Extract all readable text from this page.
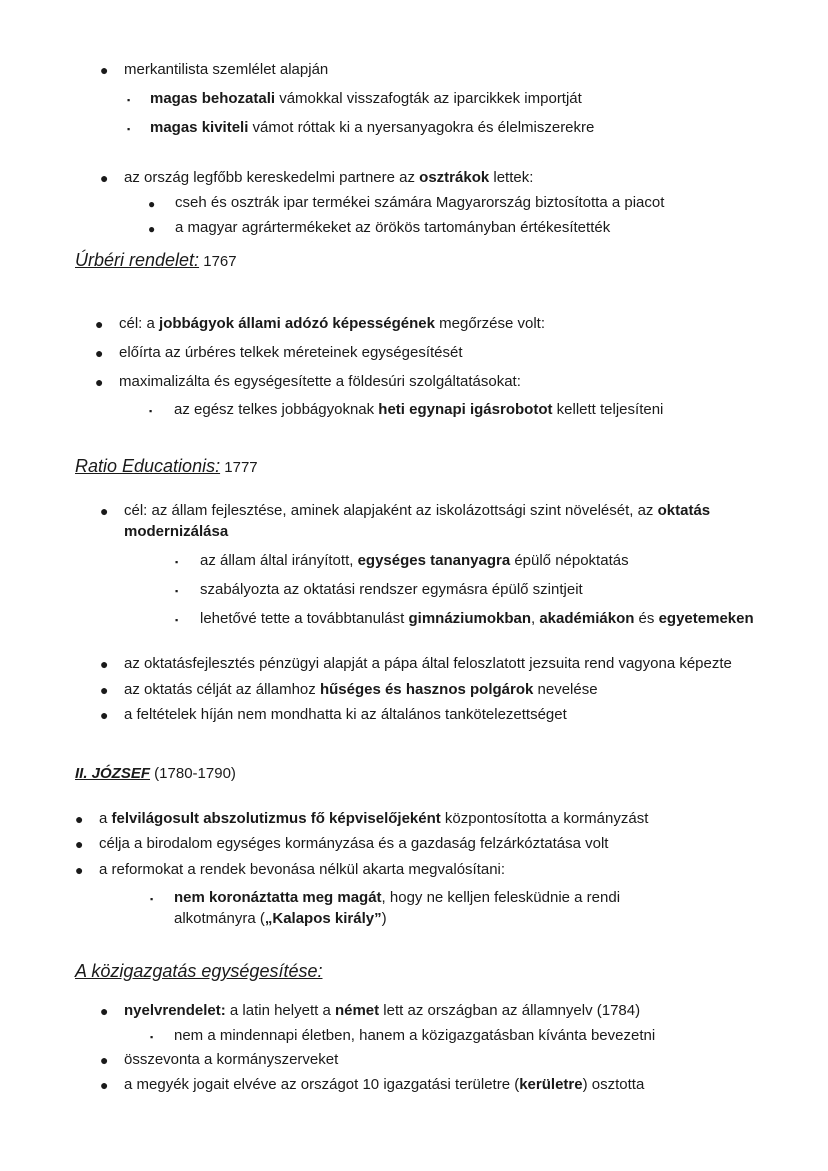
● merkantilista szemlélet alapján
▪ magas behozatali vámokkal visszafogták az iparcikkek importját
▪ magas kiviteli vámot róttak ki a nyersanyagokra és élelmiszerekre
● az ország legfőbb kereskedelmi partnere az osztrákok lettek:
● cseh és osztrák ipar termékei számára Magyarország biztosította a piacot
● a magyar agrártermékeket az örökös tartományban értékesítették
Úrbéri rendelet: 1767
● cél: a jobbágyok állami adózó képességének megőrzése volt:
● előírta az úrbéres telkek méreteinek egységesítését
● maximalizálta és egységesítette a földesúri szolgáltatásokat:
▪ az egész telkes jobbágyoknak heti egynapi igásrobotot kellett teljesíteni
Ratio Educationis: 1777
● cél: az állam fejlesztése, aminek alapjaként az iskolázottsági szint növelését, az oktatás
modernizálása
▪ az állam által irányított, egységes tananyagra épülő népoktatás
▪ szabályozta az oktatási rendszer egymásra épülő szintjeit
▪ lehetővé tette a továbbtanulást gimnáziumokban, akadémiákon és egyetemeken
● az oktatásfejlesztés pénzügyi alapját a pápa által feloszlatott jezsuita rend vagyona képezte
● az oktatás célját az államhoz hűséges és hasznos polgárok nevelése
● a feltételek híján nem mondhatta ki az általános tankötelezettséget
II. JÓZSEF (1780-1790)
● a felvilágosult abszolutizmus fő képviselőjeként központosította a kormányzást
● célja a birodalom egységes kormányzása és a gazdaság felzárkóztatása volt
● a reformokat a rendek bevonása nélkül akarta megvalósítani:
▪ nem koronáztatta meg magát, hogy ne kelljen felesküdnie a rendi
alkotmányra („Kalapos király”)
A közigazgatás egységesítése:
● nyelvrendelet: a latin helyett a német lett az országban az államnyelv (1784)
▪ nem a mindennapi életben, hanem a közigazgatásban kívánta bevezetni
● összevonta a kormányszerveket
● a megyék jogait elvéve az országot 10 igazgatási területre (kerületre) osztotta
